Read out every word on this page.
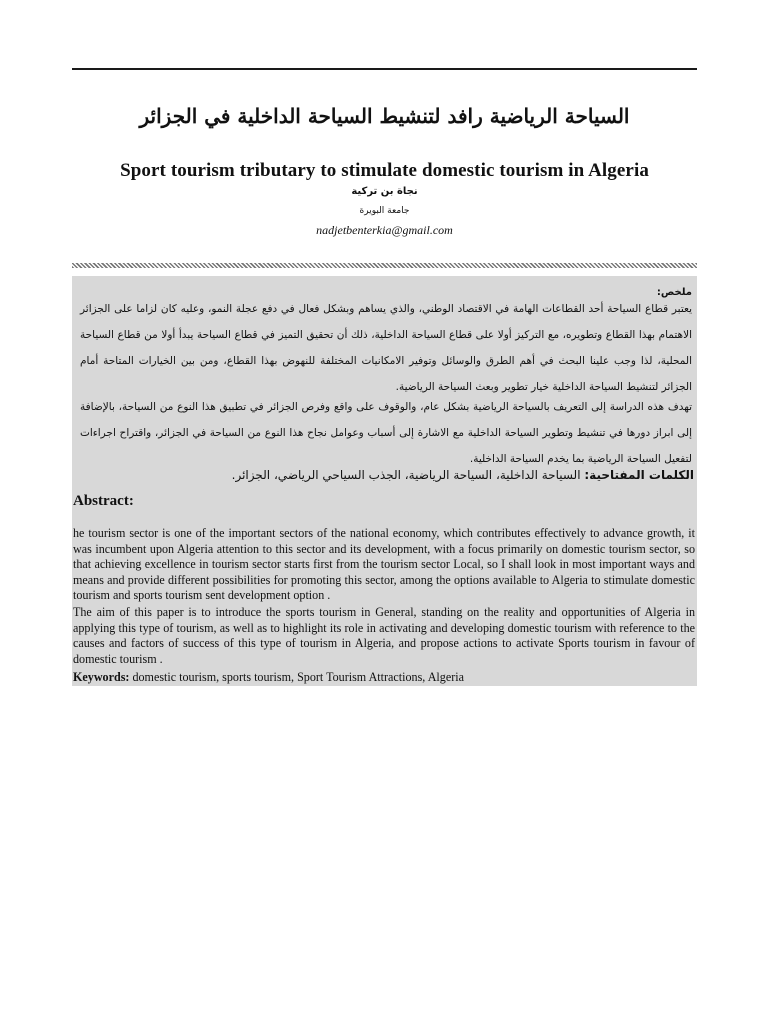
السياحة الرياضية رافد لتنشيط السياحة الداخلية في الجزائر
Sport tourism tributary to stimulate domestic tourism in Algeria
نجاة بن تركية
جامعة البويرة
nadjetbenterkia@gmail.com
ملخص:
يعتبر قطاع السياحة أحد القطاعات الهامة في الاقتصاد الوطني، والذي يساهم وبشكل فعال في دفع عجلة النمو، وعليه كان لزاما على الجزائر الاهتمام بهذا القطاع وتطويره، مع التركيز أولا على قطاع السياحة الداخلية، ذلك أن تحقيق التميز في قطاع السياحة يبدأ أولا من قطاع السياحة المحلية، لذا وجب علينا البحث في أهم الطرق والوسائل وتوفير الامكانيات المختلفة للنهوض بهذا القطاع، ومن بين الخيارات المتاحة أمام الجزائر لتنشيط السياحة الداخلية خيار تطوير وبعث السياحة الرياضية.
تهدف هذه الدراسة إلى التعريف بالسياحة الرياضية بشكل عام، والوقوف على واقع وفرص الجزائر في تطبيق هذا النوع من السياحة، بالإضافة إلى ابراز دورها في تنشيط وتطوير السياحة الداخلية مع الاشارة إلى أسباب وعوامل نجاح هذا النوع من السياحة في الجزائر، واقتراح اجراءات لتفعيل السياحة الرياضية بما يخدم السياحة الداخلية.
الكلمات المفتاحية: السياحة الداخلية، السياحة الرياضية، الجذب السياحي الرياضي، الجزائر.
Abstract:

he tourism sector is one of the important sectors of the national economy, which contributes effectively to advance growth, it was incumbent upon Algeria attention to this sector and its development, with a focus primarily on domestic tourism sector, so that achieving excellence in tourism sector starts first from the tourism sector Local, so I shall look in most important ways and means and provide different possibilities for promoting this sector, among the options available to Algeria to stimulate domestic tourism and sports tourism sent development option .

The aim of this paper is to introduce the sports tourism in General, standing on the reality and opportunities of Algeria in applying this type of tourism, as well as to highlight its role in activating and developing domestic tourism with reference to the causes and factors of success of this type of tourism in Algeria, and propose actions to activate Sports tourism in favour of domestic tourism .

Keywords: domestic tourism, sports tourism, Sport Tourism Attractions, Algeria
